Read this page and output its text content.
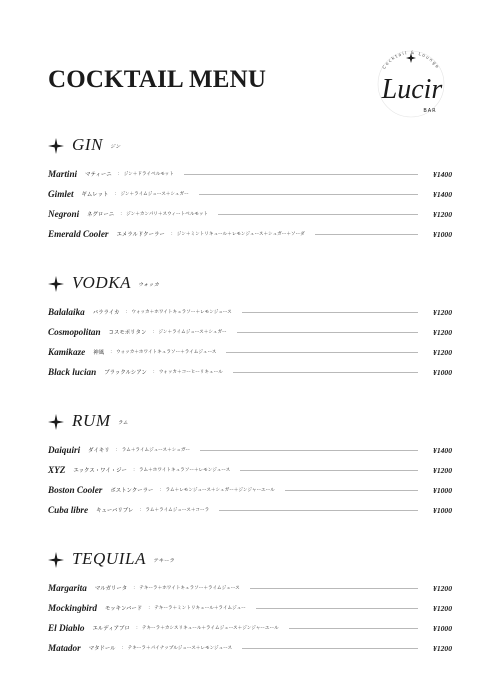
COCKTAIL MENU	Cocktail & Lounge
Lucir
BAR
GIN ジン
Martini マティーニ ： ジン＋ドライベルモット	¥1400
Gimlet ギムレット ： ジン＋ライムジュース＋シュガー	¥1400
Negroni ネグローニ ： ジン＋カンパリ＋スウィートベルモット	¥1200
Emerald Cooler エメラルドクーラー ： ジン＋ミントリキュール＋レモンジュース＋シュガー＋ソーダ	¥1000
VODKA ウォッカ
Balalaika バラライカ ： ウォッカ＋ホワイトキュラソー＋レモンジュース	¥1200
Cosmopolitan コスモポリタン ： ジン＋ライムジュース＋シュガー	¥1200
Kamikaze 神風 ： ウォッカ＋ホワイトキュラソー＋ライムジュース	¥1200
Black lucian ブラックルシアン ： ウォッカ＋コーヒーリキュール	¥1000
RUM ラム
Daiquiri ダイキリ ： ラム＋ライムジュース＋シュガー	¥1400
XYZ エックス・ワイ・ジー ： ラム＋ホワイトキュラソー＋レモンジュース	¥1200
Boston Cooler ボストンクーラー ： ラム＋レモンジュース＋シュガー＋ジンジャーエール	¥1000
Cuba libre キューバリブレ ： ラム＋ライムジュース＋コーラ	¥1000
TEQUILA テキーラ
Margarita マルガリータ ： テキーラ＋ホワイトキュラソー＋ライムジュース	¥1200
Mockingbird モッキンバード ： テキーラ＋ミントリキュール＋ライムジュー	¥1200
El Diablo エルディアブロ ： テキーラ＋カシスリキュール＋ライムジュース＋ジンジャーエール	¥1000
Matador マタドール ： テキーラ＋パイナップルジュース＋レモンジュース	¥1200
